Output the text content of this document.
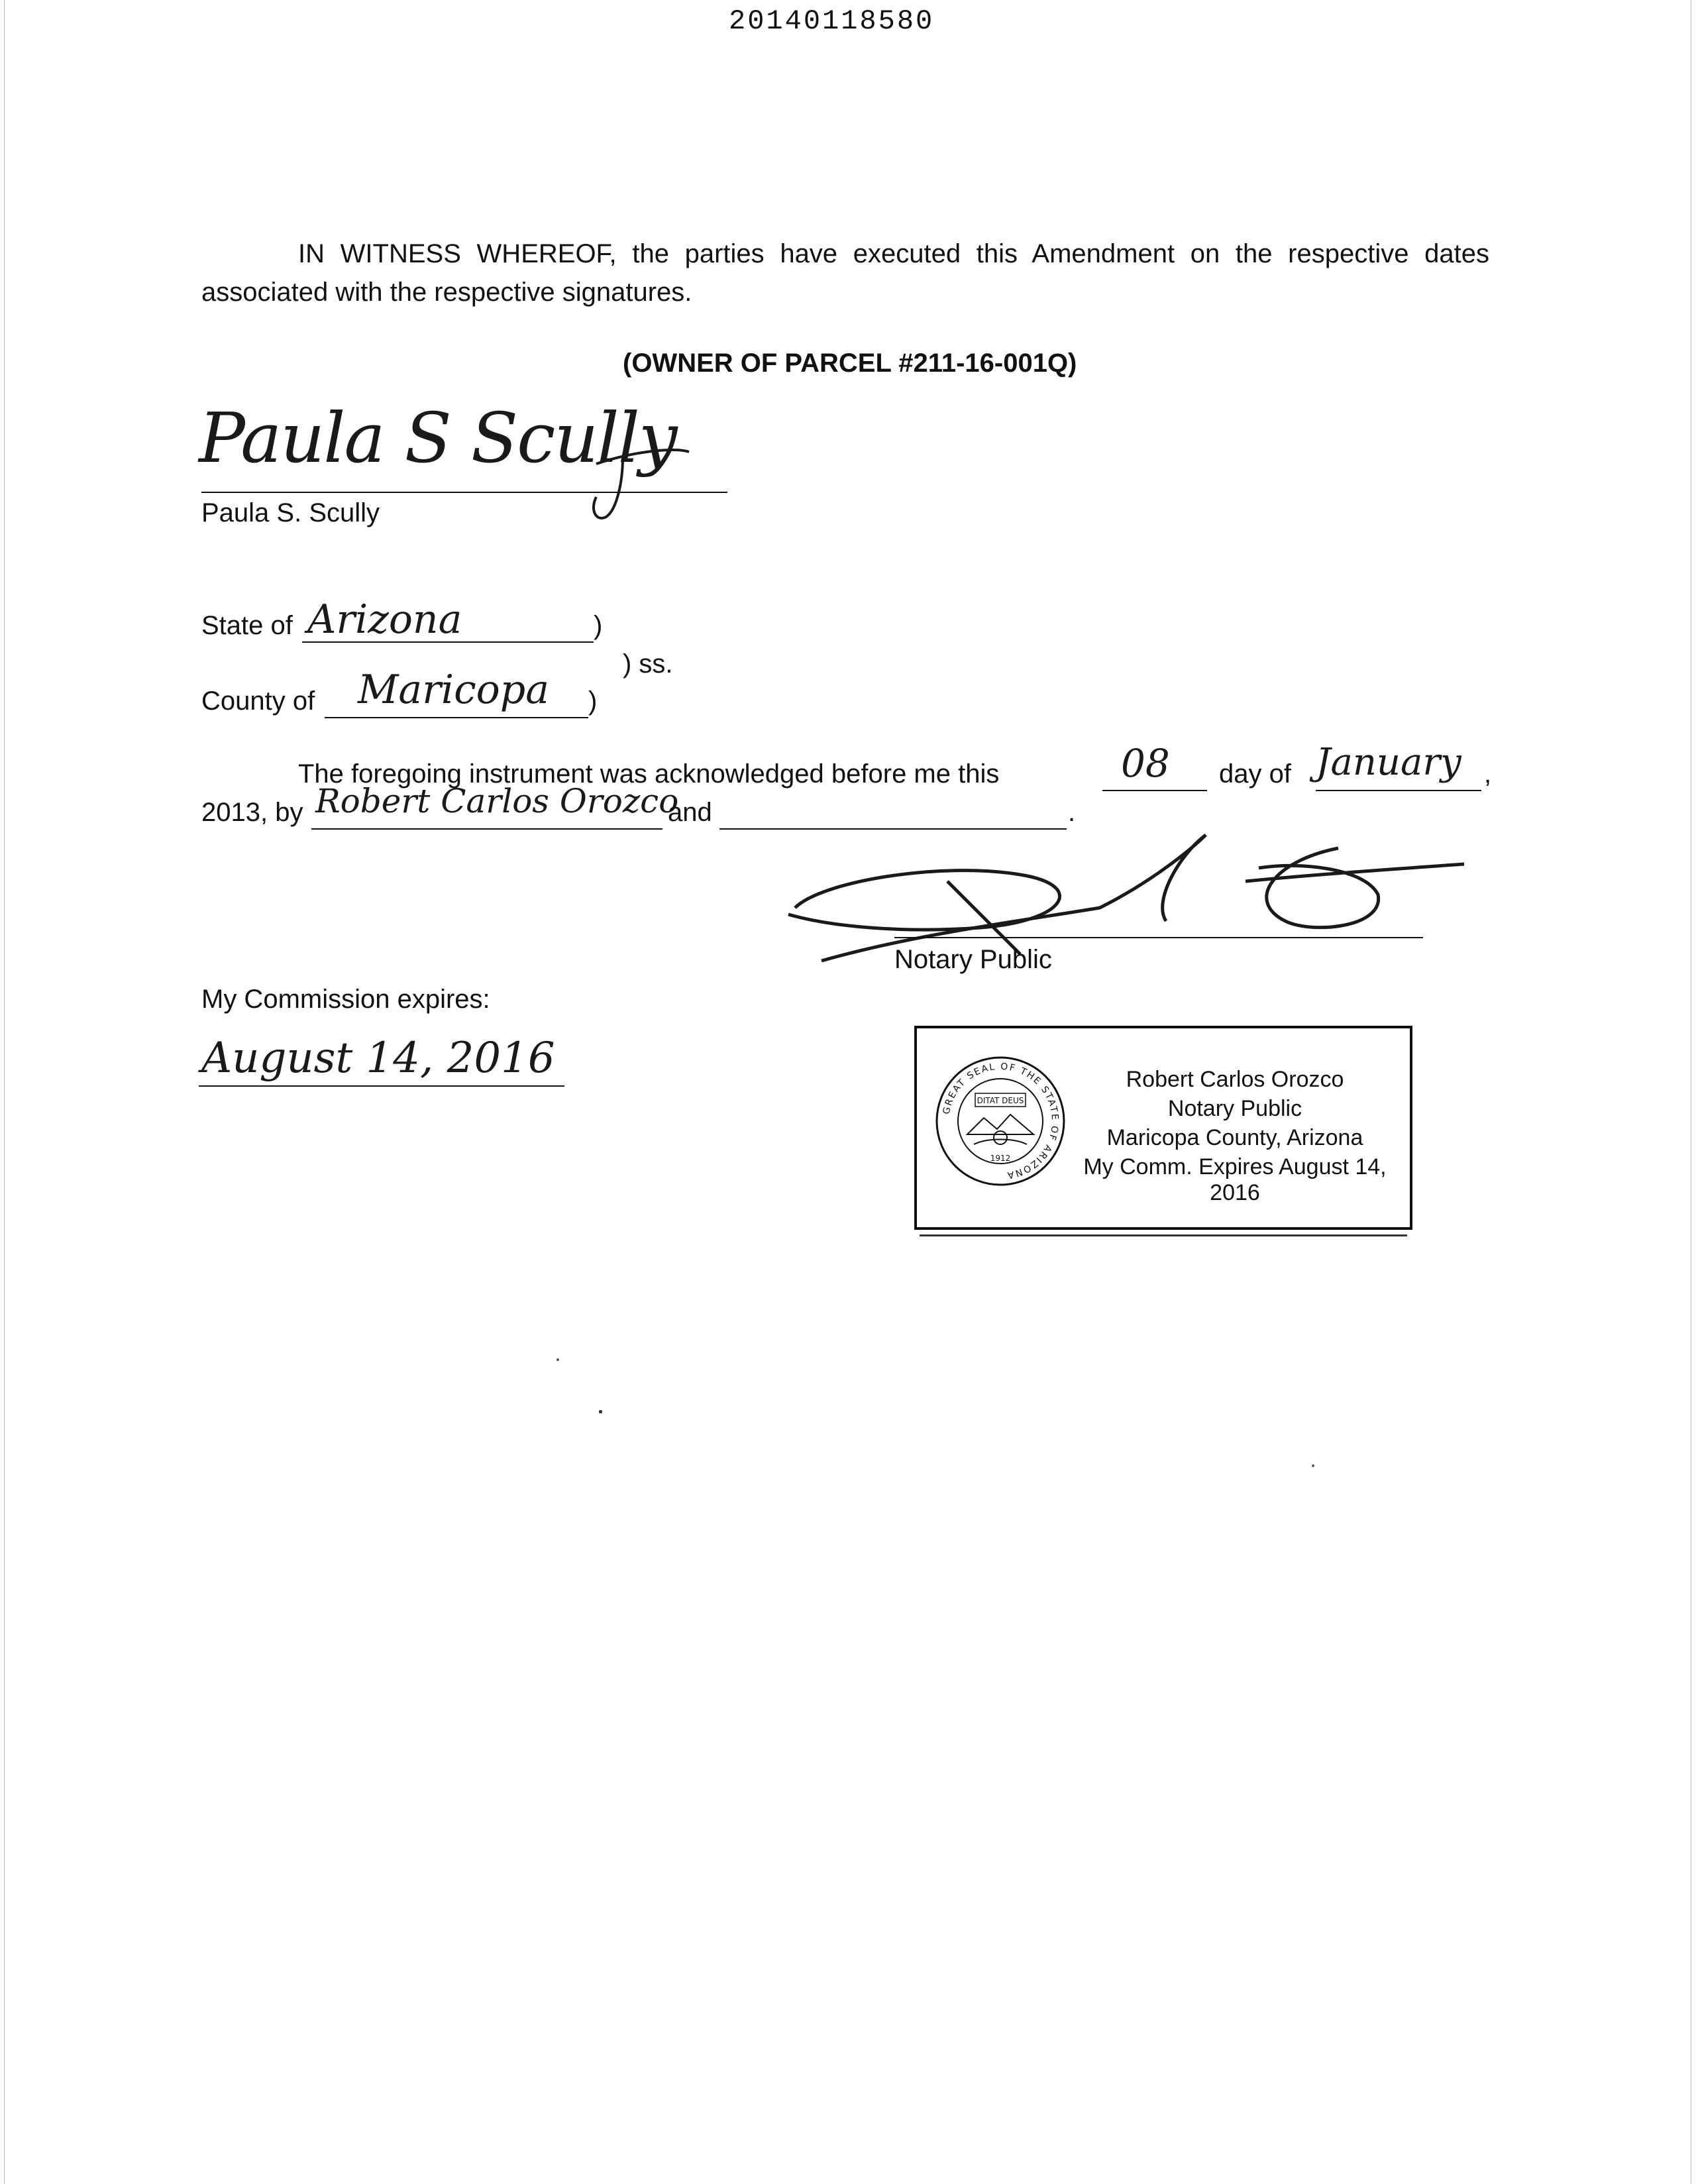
20140118580
IN WITNESS WHEREOF, the parties have executed this Amendment on the respective dates associated with the respective signatures.
(OWNER OF PARCEL #211-16-001Q)
Paula S Scully
Paula S. Scully
State of Arizona	)
) ss.
County of Maricopa )
The foregoing instrument was acknowledged before me this	08 day of January ,
2013, by Robert Carlos Orozco
and	.
Notary Public
My Commission expires:
August 14, 2016
GREAT SEAL OF THE STATE OF ARIZONA
DITAT DEUS
1912
Robert Carlos Orozco
Notary Public
Maricopa County, Arizona
My Comm. Expires August 14, 2016
